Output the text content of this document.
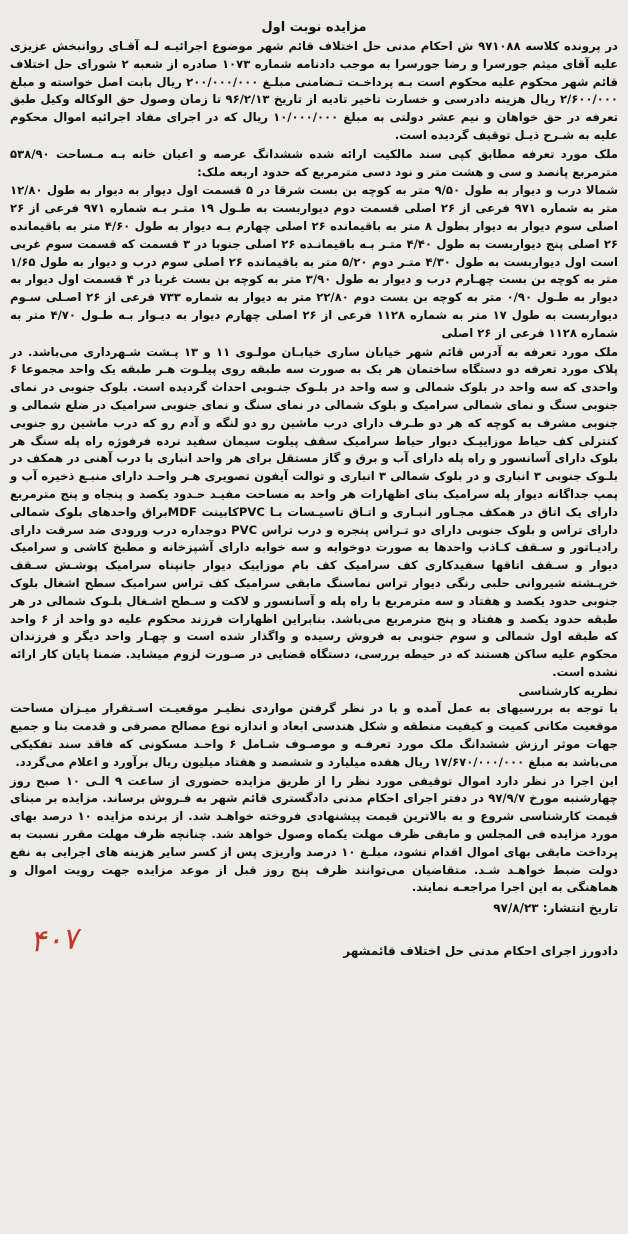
مزایده نوبت اول

در پرونده کلاسه ۹۷۱۰۸۸ ش احکام مدنی حل اختلاف قائم شهر موضوع اجرائیـه لـه آقـای روانبخش عزیزی علیه آقای میثم جورسرا و رضا جورسرا به موجب دادنامه شماره ۱۰۷۳ صادره از شعبه ۲ شورای حل اختلاف قائم شهر محکوم علیه محکوم است بـه پرداخـت تـضامنی مبلـغ ۲۰۰/۰۰۰/۰۰۰ ریال بابت اصل خواسته و مبلغ ۲/۶۰۰/۰۰۰ ریال هزینه دادرسی و خسارت تاخیر تادیه از تاریخ ۹۶/۲/۱۳ تا زمان وصول حق الوکاله وکیل طبق تعرفه در حق خواهان و نیم عشر دولتی به مبلغ ۱۰/۰۰۰/۰۰۰ ریال که در اجرای مفاد اجرائیه اموال محکوم علیه به شـرح ذیـل توقیف گردیده است.

ملک مورد تعرفه مطابق کپی سند مالکیت ارائه شده ششدانگ عرصه و اعیان خانه بـه مـساحت ۵۳۸/۹۰ مترمربع پانصد و سی و هشت متر و نود دسی مترمربع که حدود اربعه ملک:

شمالا درب و دیوار به طول ۹/۵۰ متر به کوچه بن بست شرقا در ۵ قسمت اول دیوار به دیوار به طول ۱۲/۸۰ متر به شماره ۹۷۱ فرعی از ۲۶ اصلی قسمت دوم دیواربست به طـول ۱۹ متـر بـه شماره ۹۷۱ فرعی از ۲۶ اصلی سوم دیوار به دیوار بطول ۸ متر به باقیمانده ۲۶ اصلی چهارم بـه دیوار به طول ۴/۶۰ متر به باقیمانده ۲۶ اصلی پنج دیواربست به طول ۴/۴۰ متـر بـه باقیمانـده ۲۶ اصلی جنوبا در ۳ قسمت که قسمت سوم غربی است اول دیواربست به طول ۴/۳۰ متـر دوم ۵/۲۰ متر به باقیمانده ۲۶ اصلی سوم درب و دیوار به طول ۱/۶۵ متر به کوچه بن بست چهـارم درب و دیوار به طول ۳/۹۰ متر به کوچه بن بست غربا در ۴ قسمت اول دیوار به دیوار به طـول ۰/۹۰ متر به کوچه بن بست دوم ۲۲/۸۰ متر به دیوار به شماره ۷۳۳ فرعی از ۲۶ اصـلی سـوم دیواربست به طول ۱۷ متر به شماره ۱۱۲۸ فرعی از ۲۶ اصلی چهارم دیوار به دیـوار بـه طـول ۴/۷۰ متر به شماره ۱۱۲۸ فرعی از ۲۶ اصلی

ملک مورد تعرفه به آدرس قائم شهر خیابان ساری خیابـان مولـوی ۱۱ و ۱۳ پـشت شـهرداری می‌باشد. در پلاک مورد تعرفه دو دستگاه ساختمان هر یک به صورت سه طبقه روی پیلـوت هـر طبقه یک واحد مجموعا ۶ واحدی که سه واحد در بلوک شمالی و سه واحد در بلـوک جنـوبی احداث گردیده است. بلوک جنوبی در نمای جنوبی سنگ و نمای شمالی سرامیک و بلوک شمالی در نمای سنگ و نمای جنوبی سرامیک در ضلع شمالی و جنوبی مشرف به کوچه که هر دو طـرف دارای درب ماشین رو دو لنگه و آدم رو که درب ماشین رو جنوبی کنترلی کف حیاط موزاییـک دیوار حیاط سرامیک سقف پیلوت سیمان سفید نرده فرفوژه راه پله سنگ هر بلوک دارای آسانسور و راه پله دارای آب و برق و گاز مستقل برای هر واحد انباری با درب آهنی در همکف در بلـوک جنوبی ۳ انباری و در بلوک شمالی ۳ انباری و توالت آیفون تصویری هـر واحـد دارای منبـع ذخیره آب و پمپ جداگانه دیوار پله سرامیک بنای اظهارات هر واحد به مساحت مفیـد حـدود یکصد و پنجاه و پنج مترمربع دارای یک اتاق در همکف مجـاور انبـاری و اتـاق تاسیـسات بـا PVCکابینت MDFبراق واحدهای بلوک شمالی دارای تراس و بلوک جنوبی دارای دو تـراس پنجره و درب تراس PVC دوجداره درب ورودی ضد سرقت دارای رادیـاتور و سـقف کـاذب واحدها به صورت دوخوابه و سه خوابه دارای آشپزخانه و مطبخ کاشی و سرامیک دیوار و سـقف اتاقها سفیدکاری کف سرامیک کف بام موزاییک دیوار جانپناه سرامیک پوشـش سـقف خرپـشته شیروانی حلبی رنگی دیوار تراس نماسنگ مابقی سرامیک کف تراس سرامیک سطح اشغال بلوک جنوبی حدود یکصد و هفتاد و سه مترمربع با راه پله و آسانسور و لاکت و سـطح اشـغال بلـوک شمالی در هر طبقه حدود یکصد و هفتاد و پنج مترمربع می‌باشد. بنابراین اظهارات فرزند محکوم علیه دو واحد از ۶ واحد که طبقه اول شمالی و سوم جنوبی به فروش رسیده و واگذار شده است و چهـار واحد دیگر و فرزندان محکوم علیه ساکن هستند که در حیطه بررسی، دستگاه قضایی در صـورت لزوم میشاید. ضمنا پایان کار ارائه نشده است.

نظریه کارشناسی

با توجه به بررسیهای به عمل آمده و با در نظر گرفتن مواردی نظیـر موقعیـت اسـتقرار میـزان مساحت موقعیت مکانی کمیت و کیفیت منطقه و شکل هندسی ابعاد و اندازه نوع مصالح مصرفی و قدمت بنا و جمیع جهات موثر ارزش ششدانگ ملک مورد تعرفـه و موصـوف شـامل ۶ واحـد مسکونی که فاقد سند تفکیکی می‌باشد به مبلغ ۱۷/۶۷۰/۰۰۰/۰۰۰ ریال هفده میلیارد و ششصد و هفتاد میلیون ریال برآورد و اعلام می‌گردد.

این اجرا در نظر دارد اموال توقیفی مورد نظر را از طریق مزایده حضوری از ساعت ۹ الـی ۱۰ صبح روز چهارشنبه مورخ ۹۷/۹/۷ در دفتر اجرای احکام مدنی دادگستری قائم شهر به فـروش برساند. مزایده بر مبنای قیمت کارشناسی شروع و به بالاترین قیمت پیشنهادی فروخته خواهـد شد. از برنده مزایده ۱۰ درصد بهای مورد مزایده فی المجلس و مابقی ظرف مهلت یکماه وصول خواهد شد. چنانچه ظرف مهلت مقرر نسبت به پرداخت مابقی بهای اموال اقدام نشود، مبلـغ ۱۰ درصد واریزی پس از کسر سایر هزینه های اجرایی به نفع دولت ضبط خواهـد شـد. متقاضیان می‌توانند ظرف پنج روز قبل از موعد مزایده جهت رویت اموال و هماهنگی به این اجرا مراجعـه نمایند.

تاریخ انتشار: ۹۷/۸/۲۳
دادورز اجرای احکام مدنی حل اختلاف قائمشهر
۴۰۷
